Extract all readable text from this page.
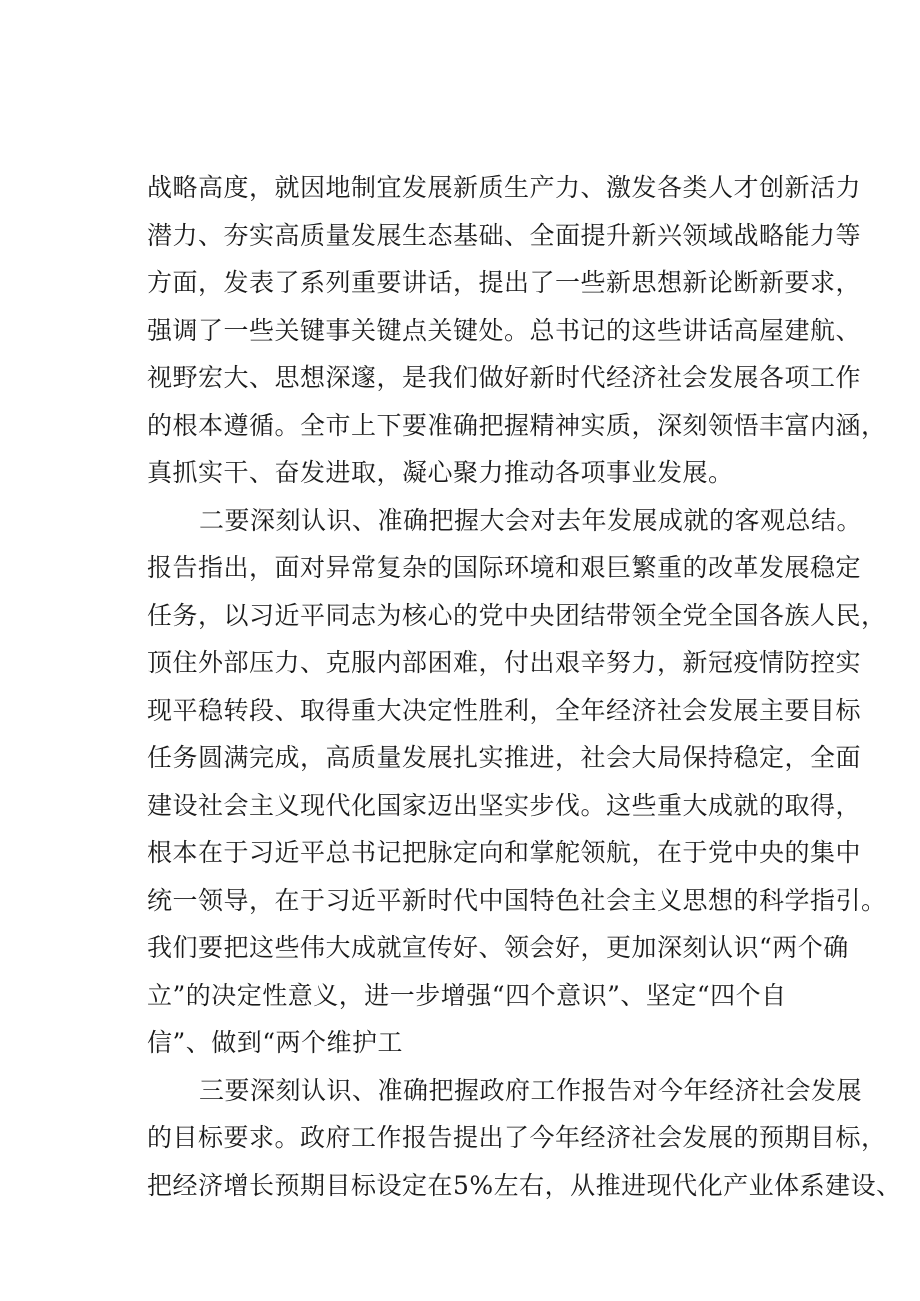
战略高度，就因地制宜发展新质生产力、激发各类人才创新活力
潜力、夯实高质量发展生态基础、全面提升新兴领域战略能力等
方面，发表了系列重要讲话，提出了一些新思想新论断新要求，
强调了一些关键事关键点关键处。总书记的这些讲话高屋建航、
视野宏大、思想深邃，是我们做好新时代经济社会发展各项工作
的根本遵循。全市上下要准确把握精神实质，深刻领悟丰富内涵，
真抓实干、奋发进取，凝心聚力推动各项事业发展。
二要深刻认识、准确把握大会对去年发展成就的客观总结。
报告指出，面对异常复杂的国际环境和艰巨繁重的改革发展稳定
任务，以习近平同志为核心的党中央团结带领全党全国各族人民，
顶住外部压力、克服内部困难，付出艰辛努力，新冠疫情防控实
现平稳转段、取得重大决定性胜利，全年经济社会发展主要目标
任务圆满完成，高质量发展扎实推进，社会大局保持稳定，全面
建设社会主义现代化国家迈出坚实步伐。这些重大成就的取得，
根本在于习近平总书记把脉定向和掌舵领航，在于党中央的集中
统一领导，在于习近平新时代中国特色社会主义思想的科学指引。
我们要把这些伟大成就宣传好、领会好，更加深刻认识“两个确
立”的决定性意义，进一步增强“四个意识”、坚定“四个自
信”、做到“两个维护工
三要深刻认识、准确把握政府工作报告对今年经济社会发展
的目标要求。政府工作报告提出了今年经济社会发展的预期目标，
把经济增长预期目标设定在5%左右，从推进现代化产业体系建设、
